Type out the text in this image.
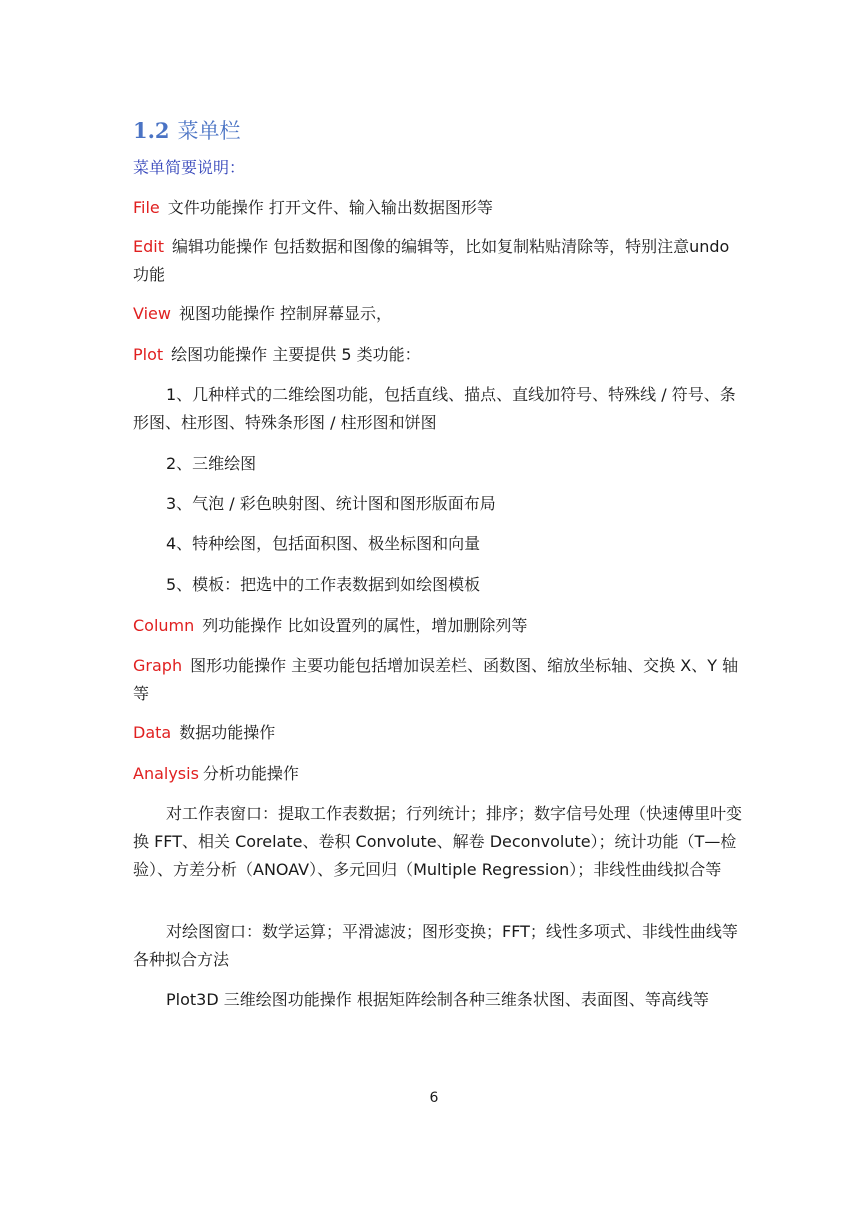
1.2 菜单栏
菜单简要说明：
File 文件功能操作 打开文件、输入输出数据图形等
Edit 编辑功能操作 包括数据和图像的编辑等，比如复制粘贴清除等，特别注意undo 功能
View 视图功能操作 控制屏幕显示，
Plot 绘图功能操作 主要提供 5 类功能：
1、几种样式的二维绘图功能，包括直线、描点、直线加符号、特殊线 / 符号、条形图、柱形图、特殊条形图 / 柱形图和饼图
2、三维绘图
3、气泡 / 彩色映射图、统计图和图形版面布局
4、特种绘图，包括面积图、极坐标图和向量
5、模板：把选中的工作表数据到如绘图模板
Column 列功能操作 比如设置列的属性，增加删除列等
Graph 图形功能操作 主要功能包括增加误差栏、函数图、缩放坐标轴、交换 X、Y 轴等
Data 数据功能操作
Analysis 分析功能操作
对工作表窗口：提取工作表数据；行列统计；排序；数字信号处理（快速傅里叶变换 FFT、相关 Corelate、卷积 Convolute、解卷 Deconvolute）；统计功能（T—检验）、方差分析（ANOAV）、多元回归（Multiple Regression）；非线性曲线拟合等
对绘图窗口：数学运算；平滑滤波；图形变换；FFT；线性多项式、非线性曲线等各种拟合方法
Plot3D 三维绘图功能操作 根据矩阵绘制各种三维条状图、表面图、等高线等
6
